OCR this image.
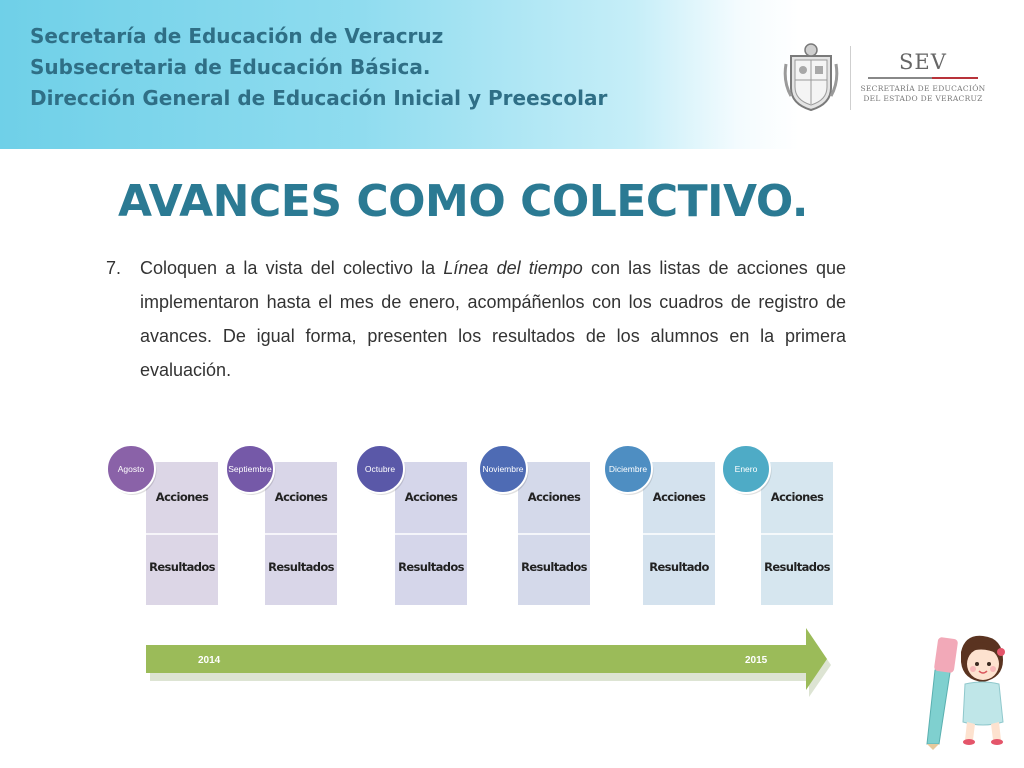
Secretaría de Educación de Veracruz
Subsecretaria de Educación Básica.
Dirección General de Educación Inicial y Preescolar
SEV
SECRETARÍA DE EDUCACIÓN
DEL ESTADO DE VERACRUZ
AVANCES COMO COLECTIVO.
7. Coloquen a la vista del colectivo la Línea del tiempo con las listas de acciones que implementaron hasta el mes de enero, acompáñenlos con los cuadros de registro de avances. De igual forma, presenten los resultados de los alumnos en la primera evaluación.
Acciones
Resultados
Agosto
Acciones
Resultados
Septiembre
Acciones
Resultados
Octubre
Acciones
Resultados
Noviembre
Acciones
Resultado
Diciembre
Acciones
Resultados
Enero
2014	2015
